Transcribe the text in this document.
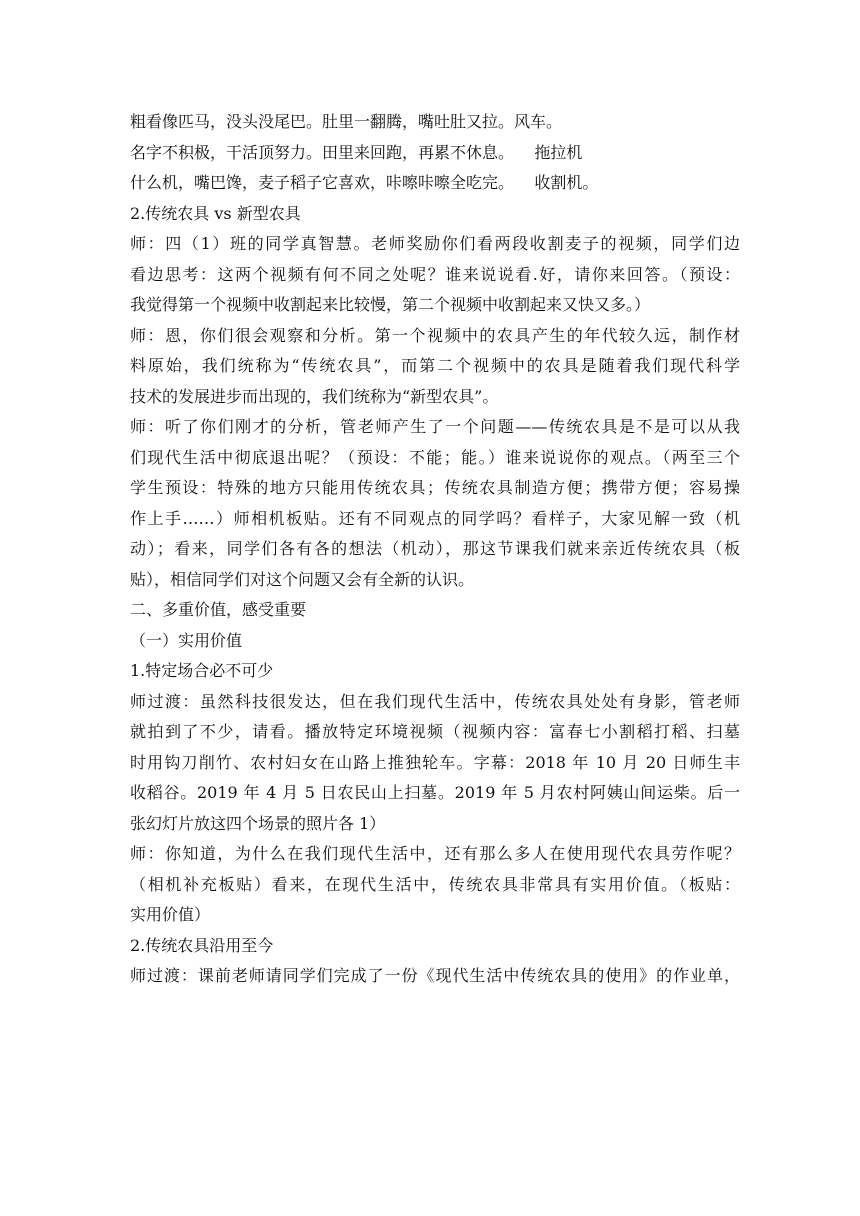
粗看像匹马，没头没尾巴。肚里一翻腾，嘴吐肚又拉。风车。
名字不积极，干活顶努力。田里来回跑，再累不休息。    拖拉机
什么机，嘴巴馋，麦子稻子它喜欢，咔嚓咔嚓全吃完。    收割机。
2.传统农具 vs 新型农具
师：四（1）班的同学真智慧。老师奖励你们看两段收割麦子的视频，同学们边
看边思考：这两个视频有何不同之处呢？谁来说说看.好，请你来回答。（预设：
我觉得第一个视频中收割起来比较慢，第二个视频中收割起来又快又多。）
师：恩，你们很会观察和分析。第一个视频中的农具产生的年代较久远，制作材
料原始，我们统称为“传统农具”，而第二个视频中的农具是随着我们现代科学
技术的发展进步而出现的，我们统称为“新型农具”。
师：听了你们刚才的分析，管老师产生了一个问题——传统农具是不是可以从我
们现代生活中彻底退出呢？（预设：不能；能。）谁来说说你的观点。（两至三个
学生预设：特殊的地方只能用传统农具；传统农具制造方便；携带方便；容易操
作上手……）师相机板贴。还有不同观点的同学吗？看样子，大家见解一致（机
动）；看来，同学们各有各的想法（机动），那这节课我们就来亲近传统农具（板
贴），相信同学们对这个问题又会有全新的认识。
二、多重价值，感受重要
（一）实用价值
1.特定场合必不可少
师过渡：虽然科技很发达，但在我们现代生活中，传统农具处处有身影，管老师
就拍到了不少，请看。播放特定环境视频（视频内容：富春七小割稻打稻、扫墓
时用钩刀削竹、农村妇女在山路上推独轮车。字幕：2018 年 10 月 20 日师生丰
收稻谷。2019 年 4 月 5 日农民山上扫墓。2019 年 5 月农村阿姨山间运柴。后一
张幻灯片放这四个场景的照片各 1）
师：你知道，为什么在我们现代生活中，还有那么多人在使用现代农具劳作呢？
（相机补充板贴）看来，在现代生活中，传统农具非常具有实用价值。（板贴：
实用价值）
2.传统农具沿用至今
师过渡：课前老师请同学们完成了一份《现代生活中传统农具的使用》的作业单，
